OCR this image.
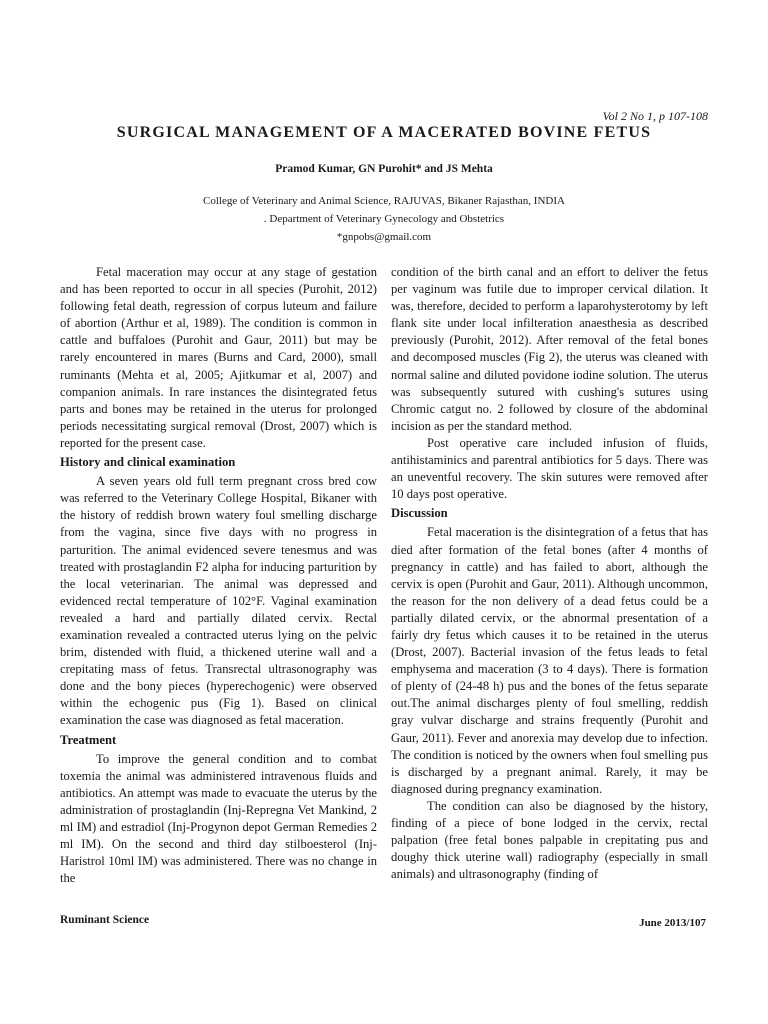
Vol 2 No 1, p 107-108
SURGICAL MANAGEMENT OF A MACERATED BOVINE FETUS
Pramod Kumar, GN Purohit* and JS Mehta
College of Veterinary and Animal Science, RAJUVAS, Bikaner Rajasthan, INDIA
. Department of Veterinary Gynecology and Obstetrics
*gnpobs@gmail.com

Fetal maceration may occur at any stage of gestation and has been reported to occur in all species (Purohit, 2012) following fetal death, regression of corpus luteum and failure of abortion (Arthur et al, 1989). The condition is common in cattle and buffaloes (Purohit and Gaur, 2011) but may be rarely encountered in mares (Burns and Card, 2000), small ruminants (Mehta et al, 2005; Ajitkumar et al, 2007) and companion animals. In rare instances the disintegrated fetus parts and bones may be retained in the uterus for prolonged periods necessitating surgical removal (Drost, 2007) which is reported for the present case.

History and clinical examination

A seven years old full term pregnant cross bred cow was referred to the Veterinary College Hospital, Bikaner with the history of reddish brown watery foul smelling discharge from the vagina, since five days with no progress in parturition. The animal evidenced severe tenesmus and was treated with prostaglandin F2 alpha for inducing parturition by the local veterinarian. The animal was depressed and evidenced rectal temperature of 102°F. Vaginal examination revealed a hard and partially dilated cervix. Rectal examination revealed a contracted uterus lying on the pelvic brim, distended with fluid, a thickened uterine wall and a crepitating mass of fetus. Transrectal ultrasonography was done and the bony pieces (hyperechogenic) were observed within the echogenic pus (Fig 1). Based on clinical examination the case was diagnosed as fetal maceration.

Treatment

To improve the general condition and to combat toxemia the animal was administered intravenous fluids and antibiotics. An attempt was made to evacuate the uterus by the administration of prostaglandin (Inj-Repregna Vet Mankind, 2 ml IM) and estradiol (Inj-Progynon depot German Remedies 2 ml IM). On the second and third day stilboesterol (Inj- Haristrol 10ml IM) was administered. There was no change in the

condition of the birth canal and an effort to deliver the fetus per vaginum was futile due to improper cervical dilation. It was, therefore, decided to perform a laparohysterotomy by left flank site under local infilteration anaesthesia as described previously (Purohit, 2012). After removal of the fetal bones and decomposed muscles (Fig 2), the uterus was cleaned with normal saline and diluted povidone iodine solution. The uterus was subsequently sutured with cushing's sutures using Chromic catgut no. 2 followed by closure of the abdominal incision as per the standard method.

Post operative care included infusion of fluids, antihistaminics and parentral antibiotics for 5 days. There was an uneventful recovery. The skin sutures were removed after 10 days post operative.

Discussion

Fetal maceration is the disintegration of a fetus that has died after formation of the fetal bones (after 4 months of pregnancy in cattle) and has failed to abort, although the cervix is open (Purohit and Gaur, 2011). Although uncommon, the reason for the non delivery of a dead fetus could be a partially dilated cervix, or the abnormal presentation of a fairly dry fetus which causes it to be retained in the uterus (Drost, 2007). Bacterial invasion of the fetus leads to fetal emphysema and maceration (3 to 4 days). There is formation of plenty of (24-48 h) pus and the bones of the fetus separate out.The animal discharges plenty of foul smelling, reddish gray vulvar discharge and strains frequently (Purohit and Gaur, 2011). Fever and anorexia may develop due to infection. The condition is noticed by the owners when foul smelling pus is discharged by a pregnant animal. Rarely, it may be diagnosed during pregnancy examination.

The condition can also be diagnosed by the history, finding of a piece of bone lodged in the cervix, rectal palpation (free fetal bones palpable in crepitating pus and doughy thick uterine wall) radiography (especially in small animals) and ultrasonography (finding of

Ruminant Science	June 2013/107
